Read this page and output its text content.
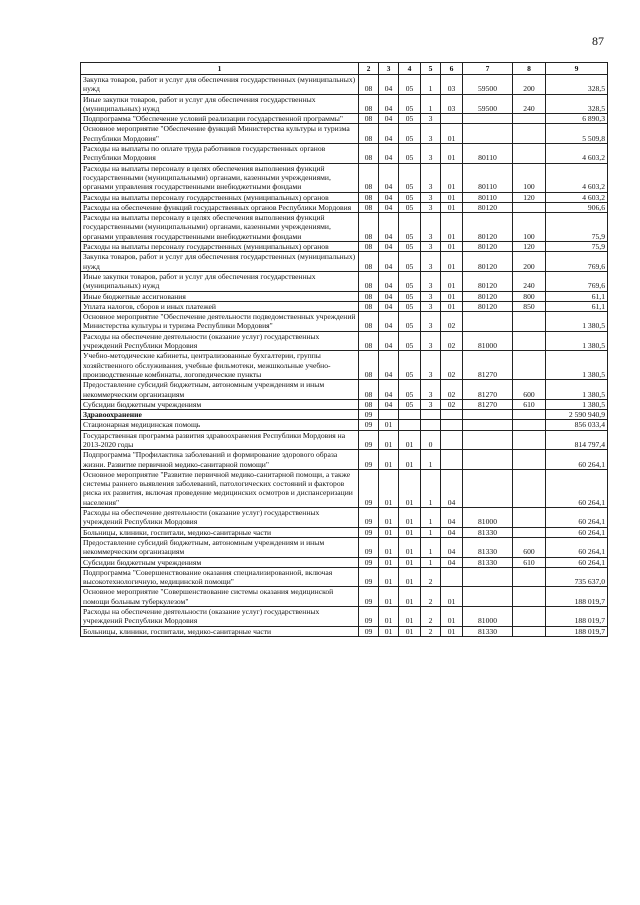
87
1	2	3	4	5	6	7	8	9
Закупка товаров, работ и услуг для обеспечения государственных (муниципальных) нужд	08	04	05	1	03	59500	200	328,5
Иные закупки товаров, работ и услуг для обеспечения государственных (муниципальных) нужд	08	04	05	1	03	59500	240	328,5
Подпрограмма "Обеспечение условий реализации государственной программы"	08	04	05	3				6 890,3
Основное мероприятие "Обеспечение функций Министерства культуры и туризма Республики Мордовия"	08	04	05	3	01			5 509,8
Расходы на выплаты по оплате труда работников государственных органов Республики Мордовия	08	04	05	3	01	80110		4 603,2
Расходы на выплаты персоналу в целях обеспечения выполнения функций государственными (муниципальными) органами, казенными учреждениями, органами управления государственными внебюджетными фондами	08	04	05	3	01	80110	100	4 603,2
Расходы на выплаты персоналу государственных (муниципальных) органов	08	04	05	3	01	80110	120	4 603,2
Расходы на обеспечение функций государственных органов Республики Мордовия	08	04	05	3	01	80120		906,6
Расходы на выплаты персоналу в целях обеспечения выполнения функций государственными (муниципальными) органами, казенными учреждениями, органами управления государственными внебюджетными фондами	08	04	05	3	01	80120	100	75,9
Расходы на выплаты персоналу государственных (муниципальных) органов	08	04	05	3	01	80120	120	75,9
Закупка товаров, работ и услуг для обеспечения государственных (муниципальных) нужд	08	04	05	3	01	80120	200	769,6
Иные закупки товаров, работ и услуг для обеспечения государственных (муниципальных) нужд	08	04	05	3	01	80120	240	769,6
Иные бюджетные ассигнования	08	04	05	3	01	80120	800	61,1
Уплата налогов, сборов и иных платежей	08	04	05	3	01	80120	850	61,1
Основное мероприятие "Обеспечение деятельности подведомственных учреждений Министерства культуры и туризма Республики Мордовия"	08	04	05	3	02			1 380,5
Расходы на обеспечение деятельности (оказание услуг) государственных учреждений Республики Мордовия	08	04	05	3	02	81000		1 380,5
Учебно-методические кабинеты, централизованные бухгалтерии, группы хозяйственного обслуживания, учебные фильмотеки, межшкольные учебно-производственные комбинаты, логопедические пункты	08	04	05	3	02	81270		1 380,5
Предоставление субсидий бюджетным, автономным учреждениям и иным некоммерческим организациям	08	04	05	3	02	81270	600	1 380,5
Субсидии бюджетным учреждениям	08	04	05	3	02	81270	610	1 380,5
Здравоохранение	09							2 590 940,9
Стационарная медицинская помощь	09	01						856 033,4
Государственная программа развития здравоохранения Республики Мордовия на 2013-2020 годы	09	01	01	0				814 797,4
Подпрограмма "Профилактика заболеваний и формирование здорового образа жизни. Развитие первичной медико-санитарной помощи"	09	01	01	1				60 264,1
Основное мероприятие "Развитие первичной медико-санитарной помощи, а также системы раннего выявления заболеваний, патологических состояний и факторов риска их развития, включая проведение медицинских осмотров и диспансеризации населения"	09	01	01	1	04			60 264,1
Расходы на обеспечение деятельности (оказание услуг) государственных учреждений Республики Мордовия	09	01	01	1	04	81000		60 264,1
Больницы, клиники, госпитали, медико-санитарные части	09	01	01	1	04	81330		60 264,1
Предоставление субсидий бюджетным, автономным учреждениям и иным некоммерческим организациям	09	01	01	1	04	81330	600	60 264,1
Субсидии бюджетным учреждениям	09	01	01	1	04	81330	610	60 264,1
Подпрограмма "Совершенствование оказания специализированной, включая высокотехнологичную, медицинской помощи"	09	01	01	2				735 637,0
Основное мероприятие "Совершенствование системы оказания медицинской помощи больным туберкулезом"	09	01	01	2	01			188 019,7
Расходы на обеспечение деятельности (оказание услуг) государственных учреждений Республики Мордовия	09	01	01	2	01	81000		188 019,7
Больницы, клиники, госпитали, медико-санитарные части	09	01	01	2	01	81330		188 019,7
